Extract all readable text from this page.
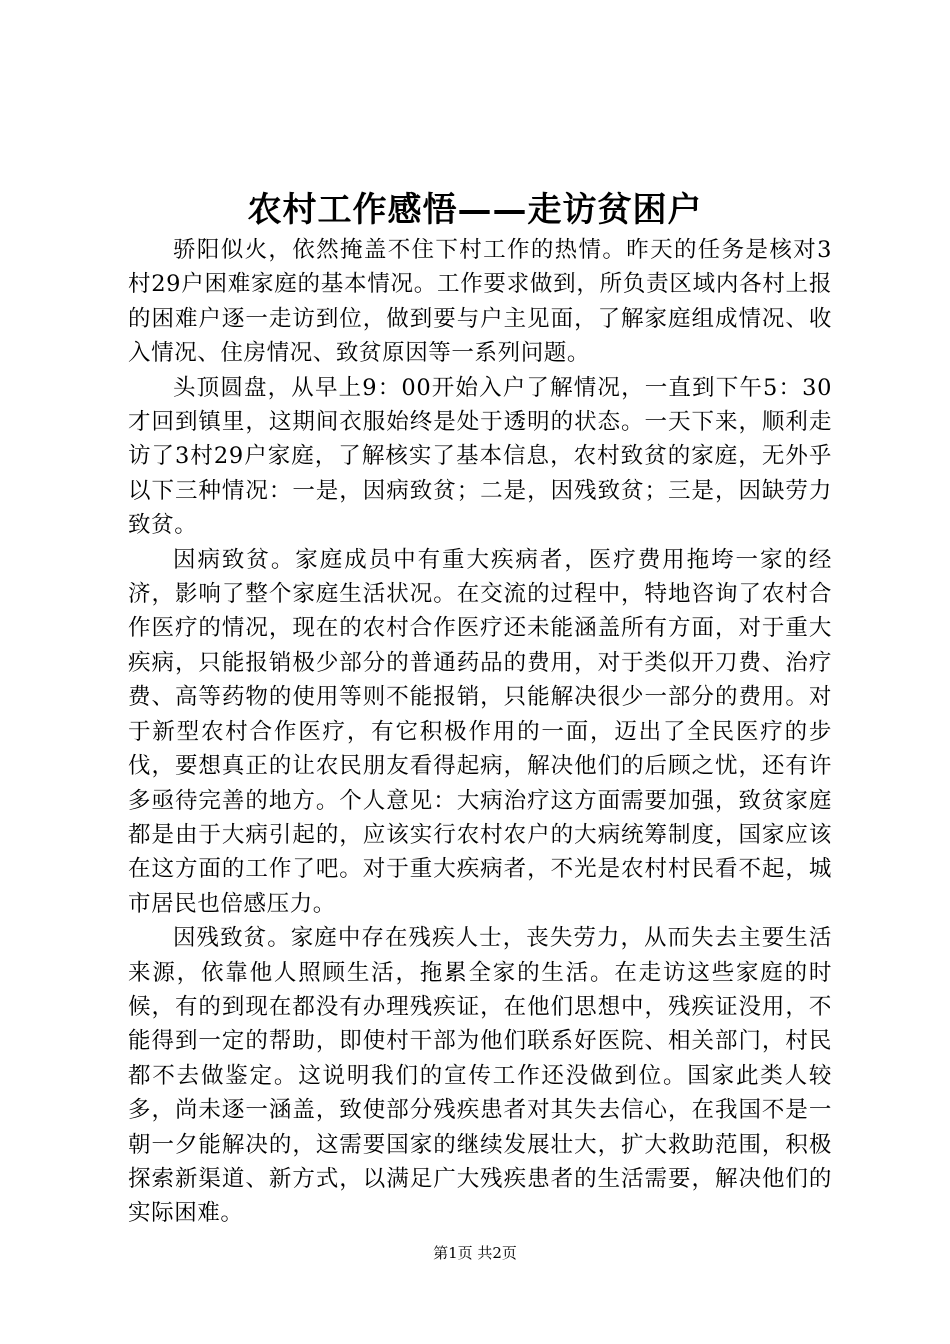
农村工作感悟——走访贫困户

骄阳似火，依然掩盖不住下村工作的热情。昨天的任务是核对3村29户困难家庭的基本情况。工作要求做到，所负责区域内各村上报的困难户逐一走访到位，做到要与户主见面，了解家庭组成情况、收入情况、住房情况、致贫原因等一系列问题。

头顶圆盘，从早上9：00开始入户了解情况，一直到下午5：30才回到镇里，这期间衣服始终是处于透明的状态。一天下来，顺利走访了3村29户家庭，了解核实了基本信息，农村致贫的家庭，无外乎以下三种情况：一是，因病致贫；二是，因残致贫；三是，因缺劳力致贫。

因病致贫。家庭成员中有重大疾病者，医疗费用拖垮一家的经济，影响了整个家庭生活状况。在交流的过程中，特地咨询了农村合作医疗的情况，现在的农村合作医疗还未能涵盖所有方面，对于重大疾病，只能报销极少部分的普通药品的费用，对于类似开刀费、治疗费、高等药物的使用等则不能报销，只能解决很少一部分的费用。对于新型农村合作医疗，有它积极作用的一面，迈出了全民医疗的步伐，要想真正的让农民朋友看得起病，解决他们的后顾之忧，还有许多亟待完善的地方。个人意见：大病治疗这方面需要加强，致贫家庭都是由于大病引起的，应该实行农村农户的大病统筹制度，国家应该在这方面的工作了吧。对于重大疾病者，不光是农村村民看不起，城市居民也倍感压力。

因残致贫。家庭中存在残疾人士，丧失劳力，从而失去主要生活来源，依靠他人照顾生活，拖累全家的生活。在走访这些家庭的时候，有的到现在都没有办理残疾证，在他们思想中，残疾证没用，不能得到一定的帮助，即使村干部为他们联系好医院、相关部门，村民都不去做鉴定。这说明我们的宣传工作还没做到位。国家此类人较多，尚未逐一涵盖，致使部分残疾患者对其失去信心，在我国不是一朝一夕能解决的，这需要国家的继续发展壮大，扩大救助范围，积极探索新渠道、新方式，以满足广大残疾患者的生活需要，解决他们的实际困难。

第1页 共2页
